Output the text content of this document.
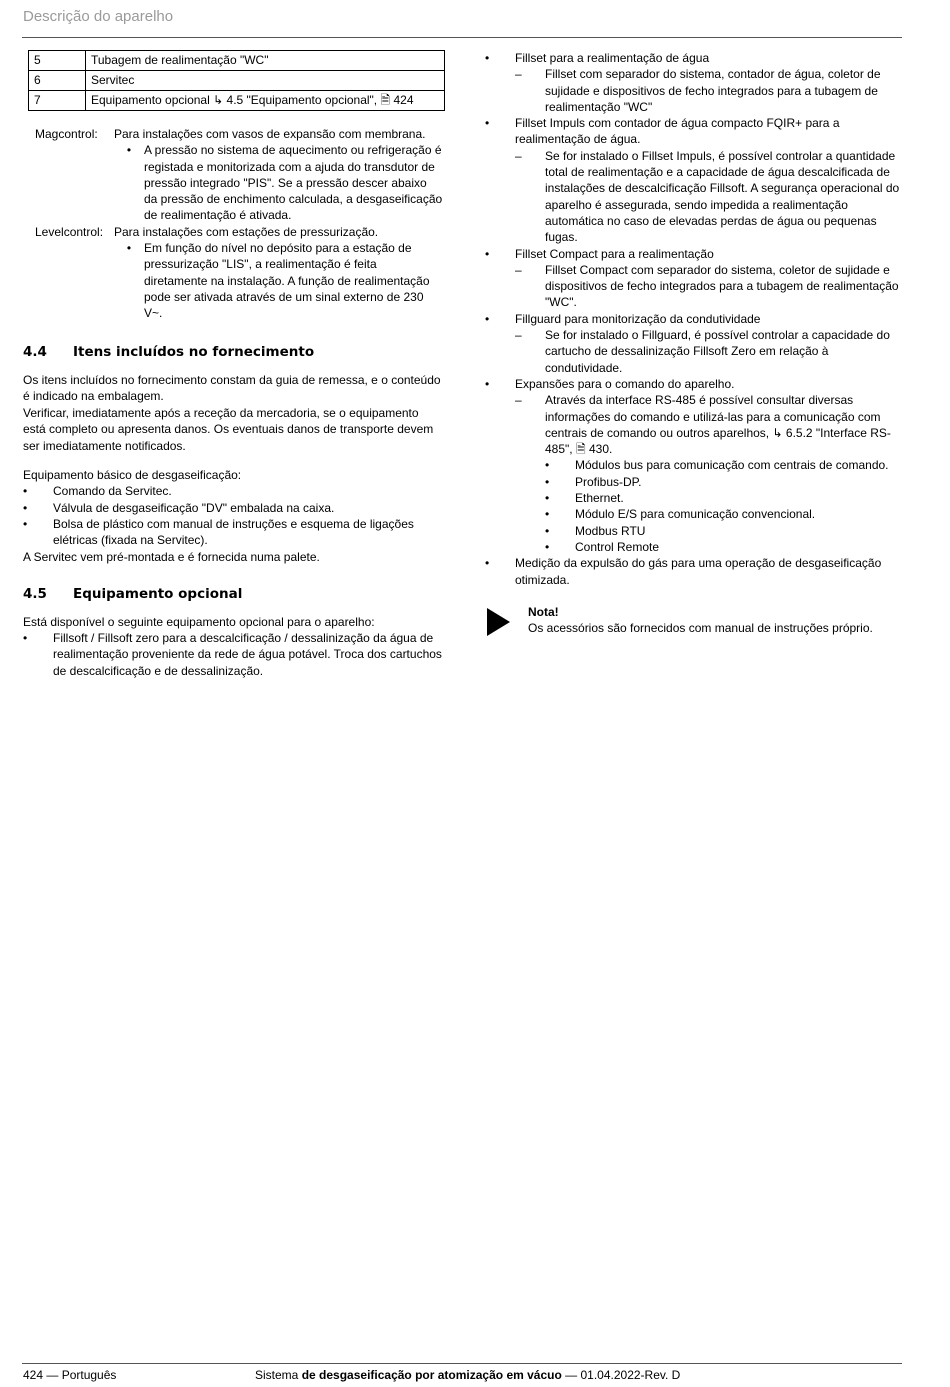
Descrição do aparelho
5	Tubagem de realimentação "WC"
6	Servitec
7	Equipamento opcional ↳ 4.5 "Equipamento opcional", 🗎 424
Magcontrol:	Para instalações com vasos de expansão com membrana.
•	A pressão no sistema de aquecimento ou refrigeração é registada e monitorizada com a ajuda do transdutor de pressão integrado "PIS". Se a pressão descer abaixo da pressão de enchimento calculada, a desgaseificação de realimentação é ativada.
Levelcontrol: Para instalações com estações de pressurização.
•	Em função do nível no depósito para a estação de pressurização "LIS", a realimentação é feita diretamente na instalação. A função de realimentação pode ser ativada através de um sinal externo de 230 V~.
4.4 Itens incluídos no fornecimento

Os itens incluídos no fornecimento constam da guia de remessa, e o conteúdo é indicado na embalagem.

Verificar, imediatamente após a receção da mercadoria, se o equipamento está completo ou apresenta danos. Os eventuais danos de transporte devem ser imediatamente notificados.

Equipamento básico de desgaseificação:

•	Comando da Servitec.
•	Válvula de desgaseificação "DV" embalada na caixa.
•	Bolsa de plástico com manual de instruções e esquema de ligações elétricas (fixada na Servitec).

A Servitec vem pré-montada e é fornecida numa palete.

4.5 Equipamento opcional

Está disponível o seguinte equipamento opcional para o aparelho:

•	Fillsoft / Fillsoft zero para a descalcificação / dessalinização da água de realimentação proveniente da rede de água potável. Troca dos cartuchos de descalcificação e de dessalinização.
•	Fillset para a realimentação de água
–	Fillset com separador do sistema, contador de água, coletor de sujidade e dispositivos de fecho integrados para a tubagem de realimentação "WC"
•	Fillset Impuls com contador de água compacto FQIR+ para a realimentação de água.
–	Se for instalado o Fillset Impuls, é possível controlar a quantidade total de realimentação e a capacidade de água descalcificada de instalações de descalcificação Fillsoft. A segurança operacional do aparelho é assegurada, sendo impedida a realimentação automática no caso de elevadas perdas de água ou pequenas fugas.
•	Fillset Compact para a realimentação
–	Fillset Compact com separador do sistema, coletor de sujidade e dispositivos de fecho integrados para a tubagem de realimentação "WC".
•	Fillguard para monitorização da condutividade
–	Se for instalado o Fillguard, é possível controlar a capacidade do cartucho de dessalinização Fillsoft Zero em relação à condutividade.
•	Expansões para o comando do aparelho.
–	Através da interface RS-485 é possível consultar diversas informações do comando e utilizá-las para a comunicação com centrais de comando ou outros aparelhos, ↳ 6.5.2 "Interface RS-485", 🗎 430.
•	Módulos bus para comunicação com centrais de comando.
•	Profibus-DP.
•	Ethernet.
•	Módulo E/S para comunicação convencional.
•	Modbus RTU
•	Control Remote
•	Medição da expulsão do gás para uma operação de desgaseificação otimizada.
Nota!
Os acessórios são fornecidos com manual de instruções próprio.
424 — Português	Sistema de desgaseificação por atomização em vácuo — 01.04.2022-Rev. D
